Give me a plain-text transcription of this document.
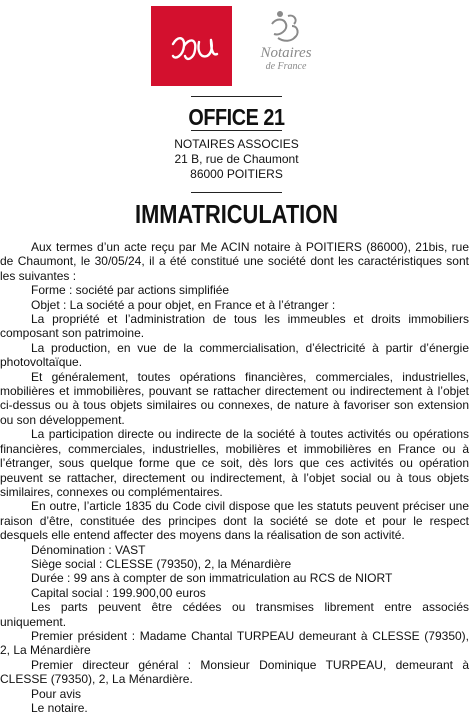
Notaires
de France
OFFICE 21
NOTAIRES ASSOCIES
21 B, rue de Chaumont
86000 POITIERS
IMMATRICULATION

Aux termes d’un acte reçu par Me ACIN notaire à POITIERS (86000), 21bis, rue de Chaumont, le 30/05/24, il a été constitué une société dont les caractéristiques sont les suivantes :

Forme : société par actions simplifiée

Objet : La société a pour objet, en France et à l’étranger :

La propriété et l’administration de tous les immeubles et droits immobiliers composant son patrimoine.

La production, en vue de la commercialisation, d’électricité à partir d’énergie photovoltaïque.

Et généralement, toutes opérations financières, commerciales, industrielles, mobilières et immobilières, pouvant se rattacher directement ou indirectement à l’objet ci-dessus ou à tous objets similaires ou connexes, de nature à favoriser son extension ou son développement.

La participation directe ou indirecte de la société à toutes activités ou opérations financières, commerciales, industrielles, mobilières et immobilières en France ou à l’étranger, sous quelque forme que ce soit, dès lors que ces activités ou opération peuvent se rattacher, directement ou indirectement, à l’objet social ou à tous objets similaires, connexes ou complémentaires.

En outre, l’article 1835 du Code civil dispose que les statuts peuvent préciser une raison d’être, constituée des principes dont la société se dote et pour le respect desquels elle entend affecter des moyens dans la réalisation de son activité.

Dénomination : VAST

Siège social : CLESSE (79350), 2, la Ménardière

Durée : 99 ans à compter de son immatriculation au RCS de NIORT

Capital social : 199.900,00 euros

Les parts peuvent être cédées ou transmises librement entre associés uniquement.

Premier président : Madame Chantal TURPEAU demeurant à CLESSE (79350), 2, La Ménardière

Premier directeur général : Monsieur Dominique TURPEAU, demeurant à CLESSE (79350), 2, La Ménardière.

Pour avis

Le notaire.
